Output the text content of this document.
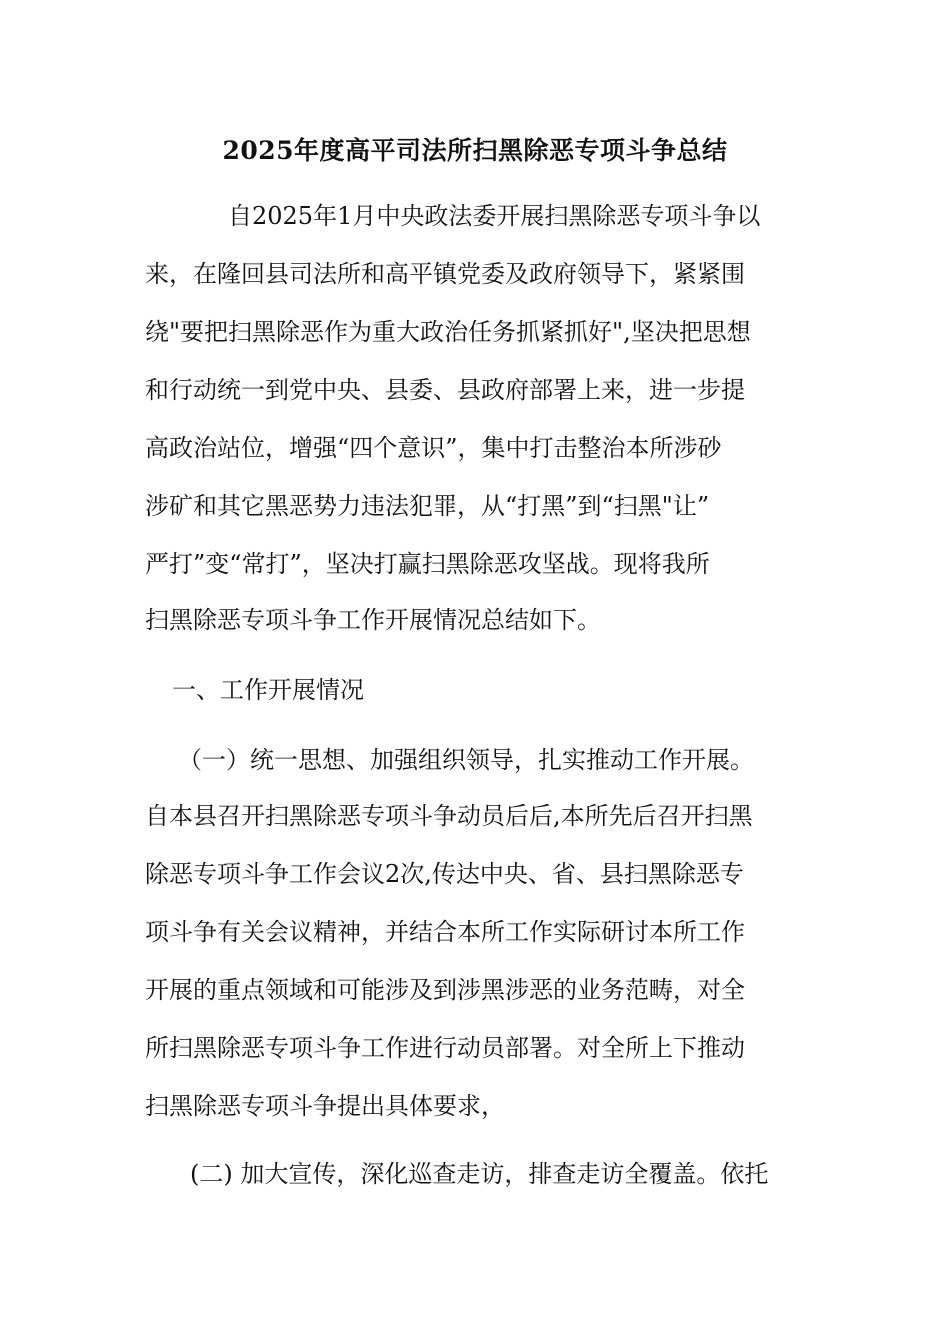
2025年度高平司法所扫黑除恶专项斗争总结

自2025年1月中央政法委开展扫黑除恶专项斗争以

来，在隆回县司法所和高平镇党委及政府领导下，紧紧围

绕"要把扫黑除恶作为重大政治任务抓紧抓好",坚决把思想

和行动统一到党中央、县委、县政府部署上来，进一步提

高政治站位，增强“四个意识”，集中打击整治本所涉砂

涉矿和其它黑恶势力违法犯罪，从“打黑”到“扫黑"让”

严打”变“常打”，坚决打赢扫黑除恶攻坚战。现将我所

扫黑除恶专项斗争工作开展情况总结如下。

一、工作开展情况

（一）统一思想、加强组织领导，扎实推动工作开展。

自本县召开扫黑除恶专项斗争动员后后,本所先后召开扫黑

除恶专项斗争工作会议2次,传达中央、省、县扫黑除恶专

项斗争有关会议精神，并结合本所工作实际研讨本所工作

开展的重点领域和可能涉及到涉黑涉恶的业务范畴，对全

所扫黑除恶专项斗争工作进行动员部署。对全所上下推动

扫黑除恶专项斗争提出具体要求，

(二) 加大宣传，深化巡查走访，排查走访全覆盖。依托
